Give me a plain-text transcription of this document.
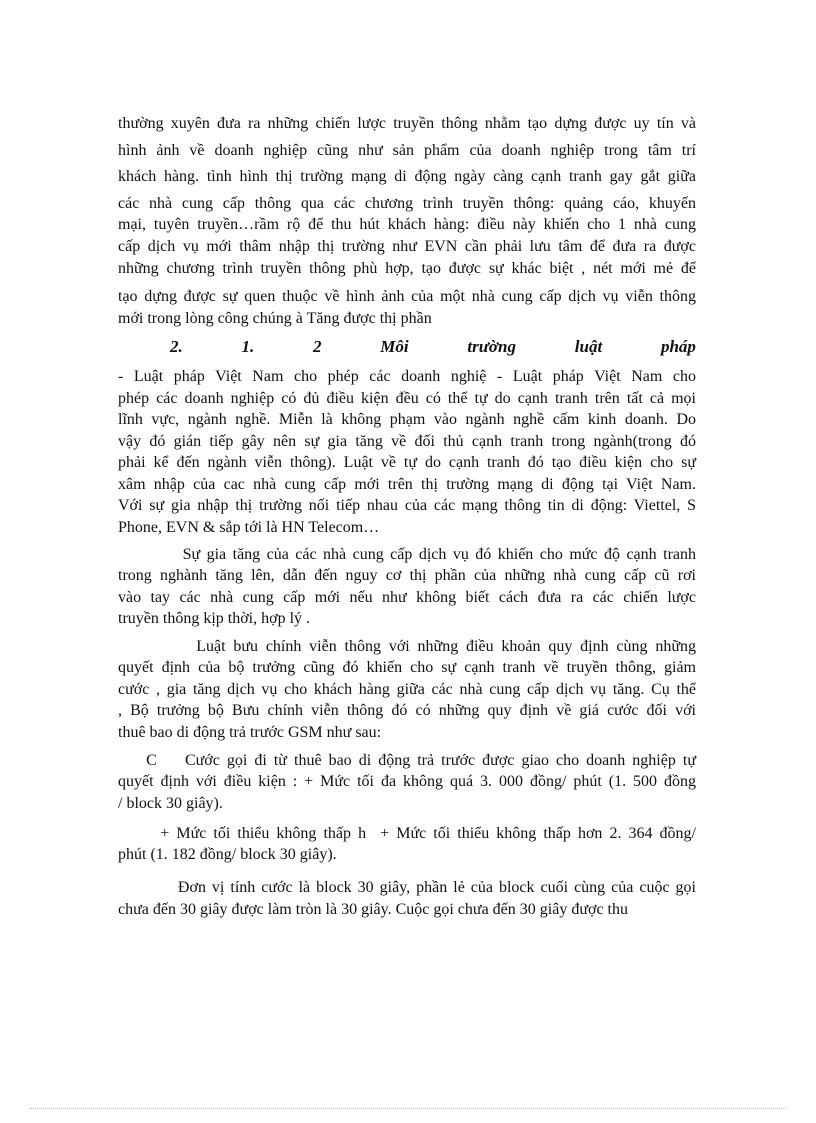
thường xuyên đưa ra những chiến lược truyền thông nhằm tạo dựng được uy tín và
hình ảnh về doanh nghiệp cũng như sản phẩm của doanh nghiệp trong tâm trí
khách hàng. tình hình thị trường mạng di động ngày càng cạnh tranh gay gắt giữa
các nhà cung cấp thông qua các chương trình truyền thông: quảng cáo, khuyến
mại, tuyên truyền…rầm rộ để thu hút khách hàng: điều này khiến cho 1 nhà cung
cấp dịch vụ mới thâm nhập thị trường như EVN cần phải lưu tâm để đưa ra được
những chương trình truyền thông phù hợp, tạo được sự khác biệt , nét mới mẻ để
tạo dựng được sự quen thuộc về hình ảnh của một nhà cung cấp dịch vụ viễn thông
mới trong lòng công chúng à Tăng được thị phần
2.	1.	2	Môi	trường	luật	pháp
- Luật pháp Việt Nam cho phép các doanh nghiệ - Luật pháp Việt Nam cho
phép các doanh nghiệp có đủ điều kiện đều có thể tự do cạnh tranh trên tất cả mọi
lĩnh vực, ngành nghề. Miễn là không phạm vào ngành nghề cấm kinh doanh. Do
vậy đó gián tiếp gây nên sự gia tăng về đối thủ cạnh tranh trong ngành(trong đó
phải kể đến ngành viễn thông). Luật về tự do cạnh tranh đó tạo điều kiện cho sự
xâm nhập của cac nhà cung cấp mới trên thị trường mạng di động tại Việt Nam.
Với sự gia nhập thị trường nối tiếp nhau của các mạng thông tin di động: Viettel, S
Phone, EVN & sắp tới là HN Telecom…
Sự gia tăng của các nhà cung cấp dịch vụ đó khiến cho mức độ cạnh tranh
trong nghành tăng lên, dẫn đến nguy cơ thị phần của những nhà cung cấp cũ rơi
vào tay các nhà cung cấp mới nếu như không biết cách đưa ra các chiến lược
truyền thông kịp thời, hợp lý .
Luật bưu chính viễn thông với những điều khoản quy định cùng những
quyết định của bộ trưởng cũng đó khiến cho sự cạnh tranh về truyền thông, giảm
cước , gia tăng dịch vụ cho khách hàng giữa các nhà cung cấp dịch vụ tăng. Cụ thể
, Bộ trưởng bộ Bưu chính viễn thông đó có những quy định về giá cước đối với
thuê bao di động trả trước GSM như sau:
C    Cước gọi đi từ thuê bao di động trả trước được giao cho doanh nghiệp tự
quyết định với điều kiện : + Mức tối đa không quá 3. 000 đồng/ phút (1. 500 đồng
/ block 30 giây).
+ Mức tối thiểu không thấp h  + Mức tối thiểu không thấp hơn 2. 364 đồng/
phút (1. 182 đồng/ block 30 giây).
Đơn vị tính cước là block 30 giây, phần lẻ của block cuối cùng của cuộc gọi
chưa đến 30 giây được làm tròn là 30 giây. Cuộc gọi chưa đến 30 giây được thu
